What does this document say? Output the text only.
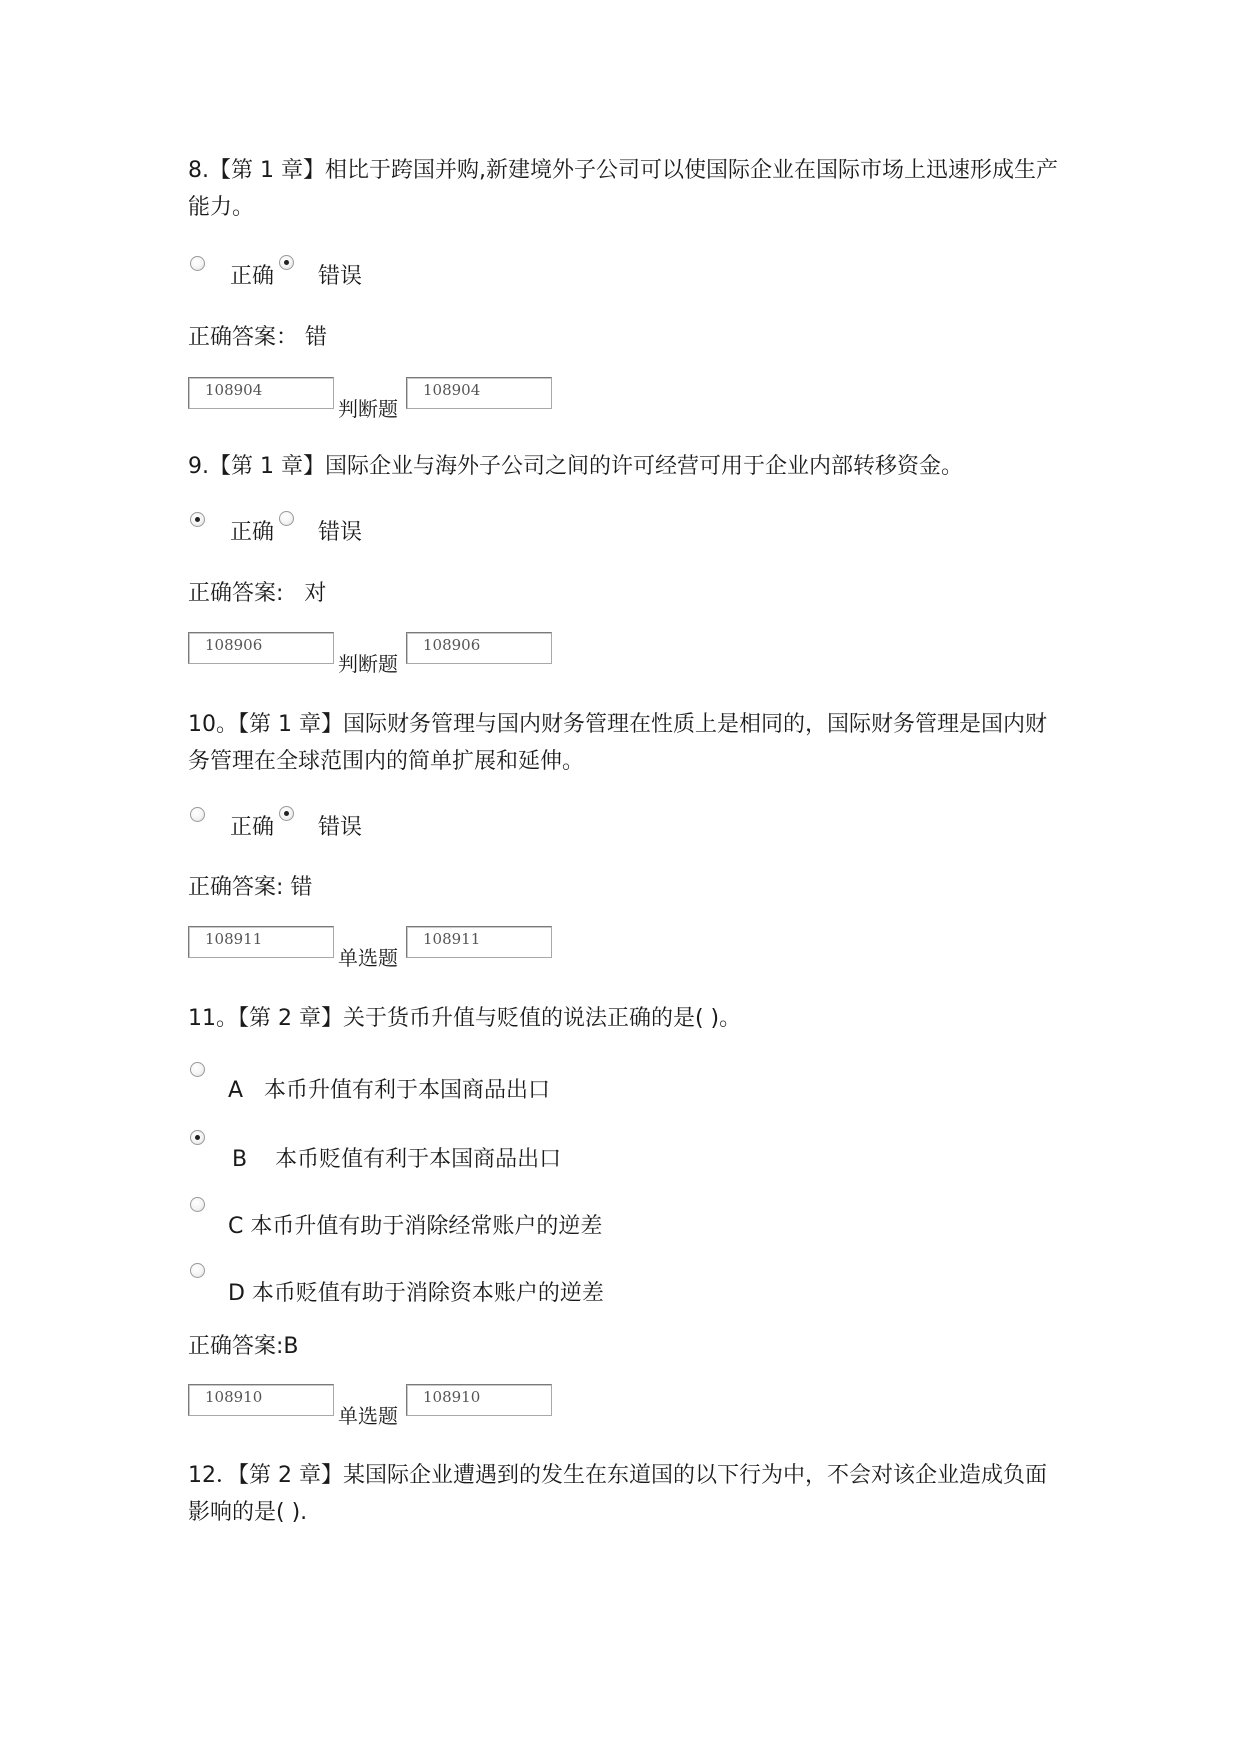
8.【第 1 章】相比于跨国并购,新建境外子公司可以使国际企业在国际市场上迅速形成生产能力。

正确 错误
正确答案： 错
108904
判断题
108904

9.【第 1 章】国际企业与海外子公司之间的许可经营可用于企业内部转移资金。

正确 错误
正确答案:   对
108906
判断题
108906

10。【第 1 章】国际财务管理与国内财务管理在性质上是相同的，国际财务管理是国内财务管理在全球范围内的简单扩展和延伸。

正确 错误
正确答案: 错
108911
单选题
108911

11。【第 2 章】关于货币升值与贬值的说法正确的是( )。

A   本币升值有利于本国商品出口
B    本币贬值有利于本国商品出口
C 本币升值有助于消除经常账户的逆差
D 本币贬值有助于消除资本账户的逆差
正确答案:B
108910
单选题
108910

12．【第 2 章】某国际企业遭遇到的发生在东道国的以下行为中，不会对该企业造成负面影响的是( ).
